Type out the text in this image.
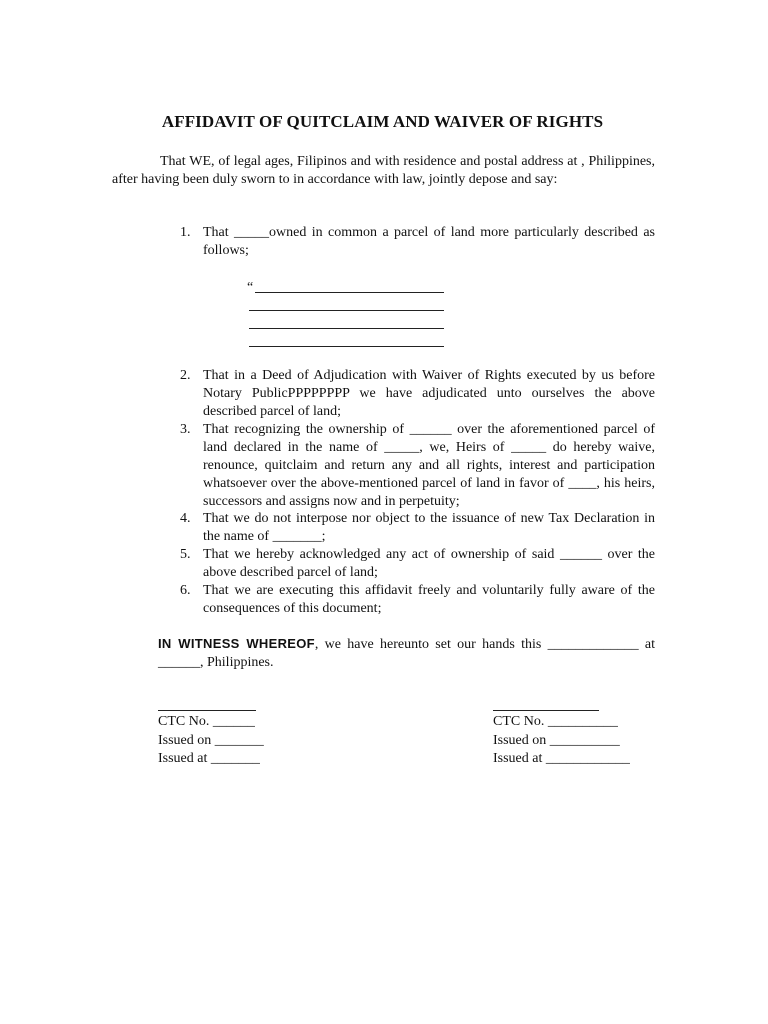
AFFIDAVIT OF QUITCLAIM AND WAIVER OF RIGHTS
That WE, of legal ages, Filipinos and with residence and postal address at , Philippines, after having been duly sworn to in accordance with law, jointly depose and say:
1. That _____owned in common a parcel of land more particularly described as follows;
“
2. That in a Deed of Adjudication with Waiver of Rights executed by us before Notary PublicPPPPPPPP we have adjudicated unto ourselves the above described parcel of land;
3. That recognizing the ownership of ______ over the aforementioned parcel of land declared in the name of _____, we, Heirs of _____ do hereby waive, renounce, quitclaim and return any and all rights, interest and participation whatsoever over the above-mentioned parcel of land in favor of ____, his heirs, successors and assigns now and in perpetuity;
4. That we do not interpose nor object to the issuance of new Tax Declaration in the name of _______;
5. That we hereby acknowledged any act of ownership of said ______ over the above described parcel of land;
6. That we are executing this affidavit freely and voluntarily fully aware of the consequences of this document;
IN WITNESS WHEREOF, we have hereunto set our hands this _____________ at ______, Philippines.
CTC No. ______
Issued on _______
Issued at _______
CTC No. __________
Issued on __________
Issued at ____________
